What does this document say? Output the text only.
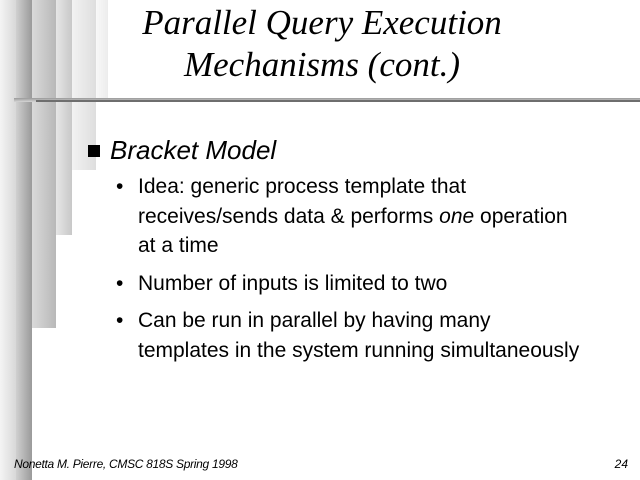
Parallel Query Execution
Mechanisms (cont.)
Bracket Model
• Idea: generic process template that receives/sends data & performs one operation at a time
• Number of inputs is limited to two
• Can be run in parallel by having many templates in the system running simultaneously
Nonetta M. Pierre, CMSC 818S Spring 1998	24
